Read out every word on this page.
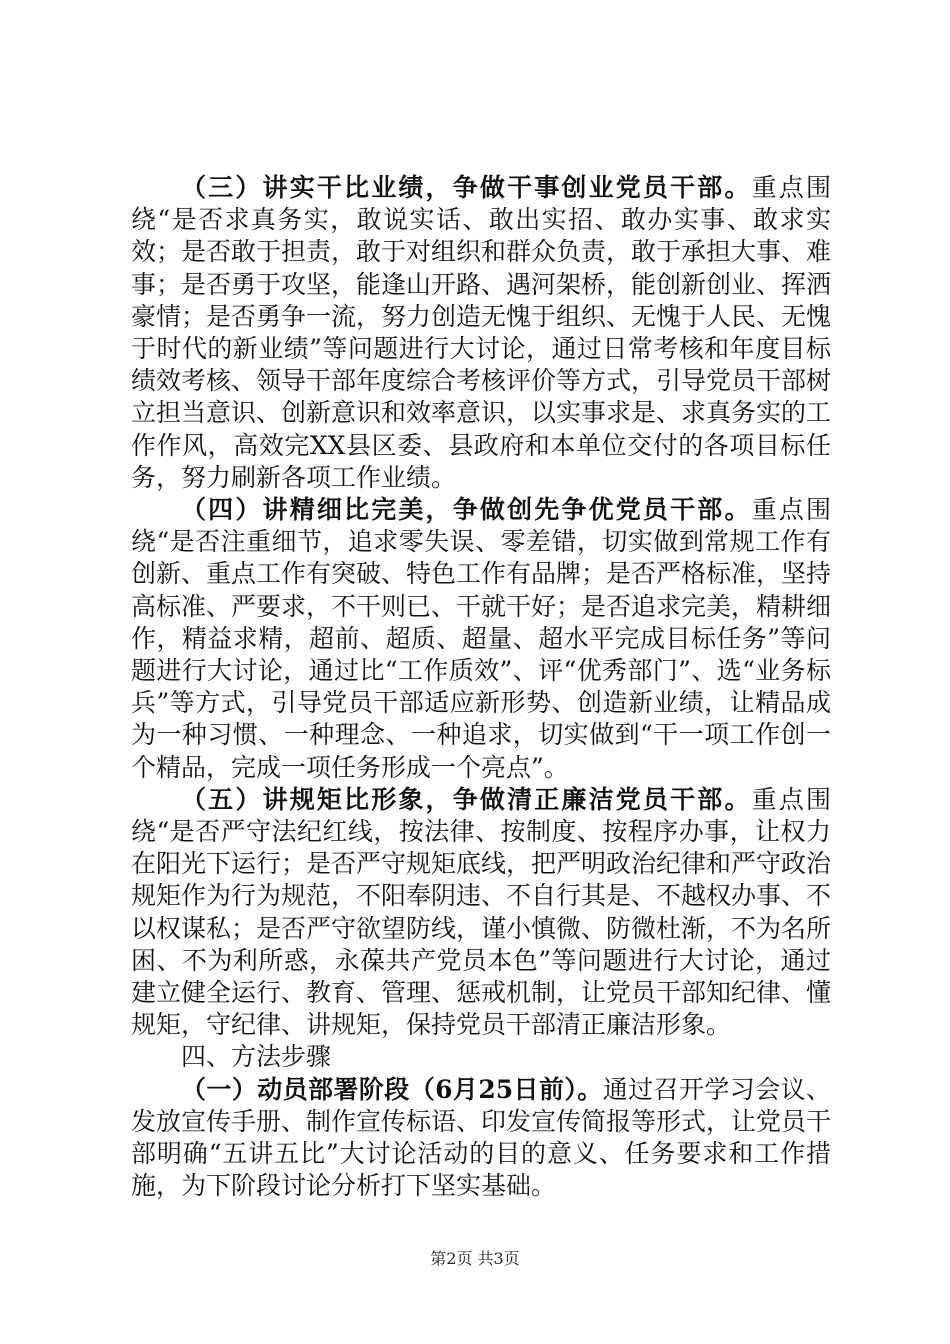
（三）讲实干比业绩，争做干事创业党员干部。重点围绕“是否求真务实，敢说实话、敢出实招、敢办实事、敢求实效；是否敢于担责，敢于对组织和群众负责，敢于承担大事、难事；是否勇于攻坚，能逢山开路、遇河架桥，能创新创业、挥洒豪情；是否勇争一流，努力创造无愧于组织、无愧于人民、无愧于时代的新业绩”等问题进行大讨论，通过日常考核和年度目标绩效考核、领导干部年度综合考核评价等方式，引导党员干部树立担当意识、创新意识和效率意识，以实事求是、求真务实的工作作风，高效完XX县区委、县政府和本单位交付的各项目标任务，努力刷新各项工作业绩。

（四）讲精细比完美，争做创先争优党员干部。重点围绕“是否注重细节，追求零失误、零差错，切实做到常规工作有创新、重点工作有突破、特色工作有品牌；是否严格标准，坚持高标准、严要求，不干则已、干就干好；是否追求完美，精耕细作，精益求精，超前、超质、超量、超水平完成目标任务”等问题进行大讨论，通过比“工作质效”、评“优秀部门”、选“业务标兵”等方式，引导党员干部适应新形势、创造新业绩，让精品成为一种习惯、一种理念、一种追求，切实做到“干一项工作创一个精品，完成一项任务形成一个亮点”。

（五）讲规矩比形象，争做清正廉洁党员干部。重点围绕“是否严守法纪红线，按法律、按制度、按程序办事，让权力在阳光下运行；是否严守规矩底线，把严明政治纪律和严守政治规矩作为行为规范，不阳奉阴违、不自行其是、不越权办事、不以权谋私；是否严守欲望防线，谨小慎微、防微杜渐，不为名所困、不为利所惑，永葆共产党员本色”等问题进行大讨论，通过建立健全运行、教育、管理、惩戒机制，让党员干部知纪律、懂规矩，守纪律、讲规矩，保持党员干部清正廉洁形象。

四、方法步骤

（一）动员部署阶段（6月25日前）。通过召开学习会议、发放宣传手册、制作宣传标语、印发宣传简报等形式，让党员干部明确“五讲五比”大讨论活动的目的意义、任务要求和工作措施，为下阶段讨论分析打下坚实基础。

第2页 共3页
